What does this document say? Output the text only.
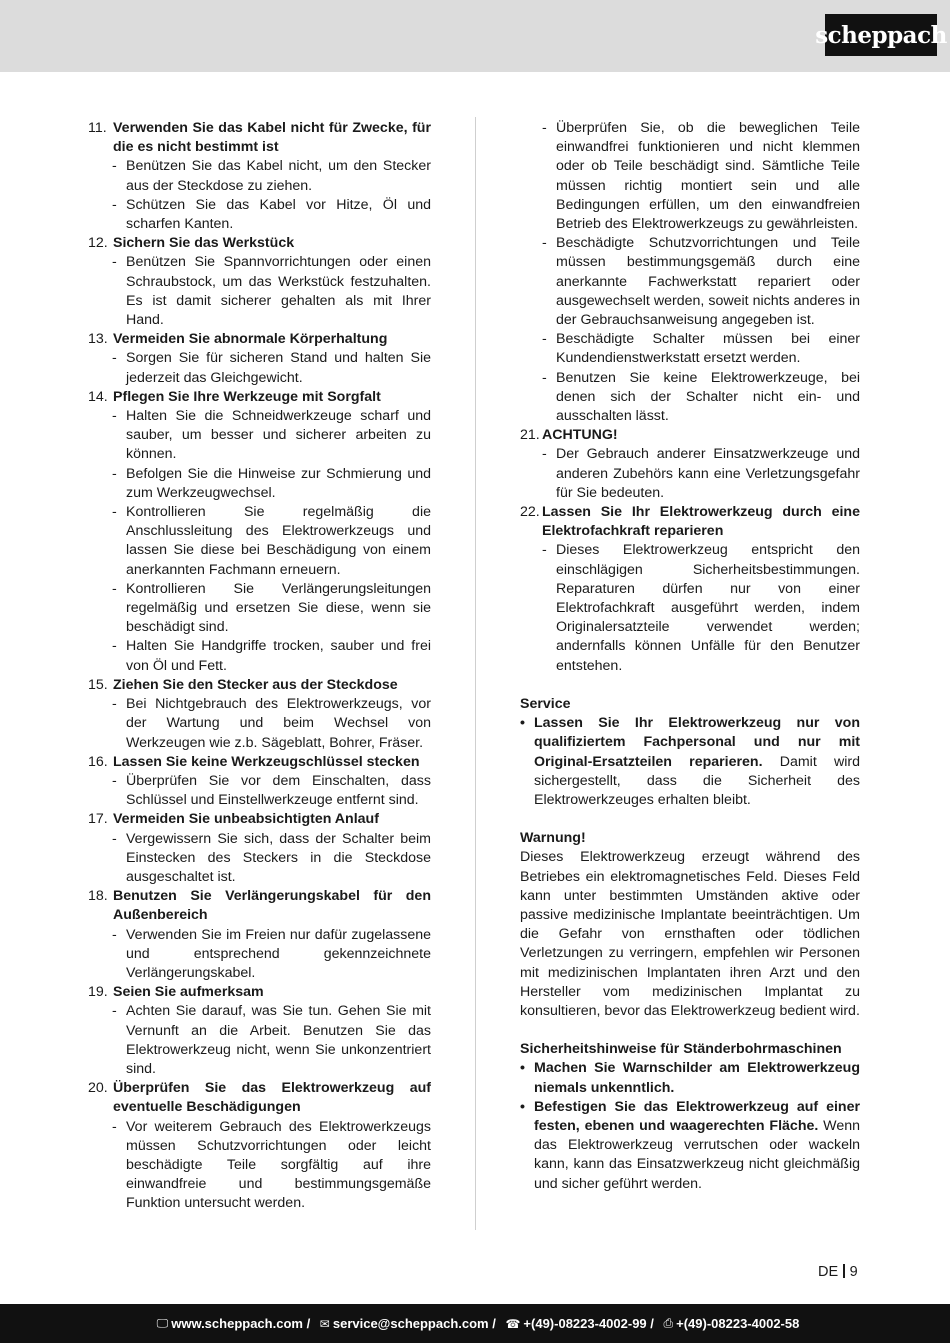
scheppach
11. Verwenden Sie das Kabel nicht für Zwecke, für die es nicht bestimmt ist
- Benützen Sie das Kabel nicht, um den Stecker aus der Steckdose zu ziehen.
- Schützen Sie das Kabel vor Hitze, Öl und scharfen Kanten.
12. Sichern Sie das Werkstück
- Benützen Sie Spannvorrichtungen oder einen Schraubstock, um das Werkstück festzuhalten. Es ist damit sicherer gehalten als mit Ihrer Hand.
13. Vermeiden Sie abnormale Körperhaltung
- Sorgen Sie für sicheren Stand und halten Sie jederzeit das Gleichgewicht.
14. Pflegen Sie Ihre Werkzeuge mit Sorgfalt
- Halten Sie die Schneidwerkzeuge scharf und sauber, um besser und sicherer arbeiten zu können.
- Befolgen Sie die Hinweise zur Schmierung und zum Werkzeugwechsel.
- Kontrollieren Sie regelmäßig die Anschlussleitung des Elektrowerkzeugs und lassen Sie diese bei Beschädigung von einem anerkannten Fachmann erneuern.
- Kontrollieren Sie Verlängerungsleitungen regelmäßig und ersetzen Sie diese, wenn sie beschädigt sind.
- Halten Sie Handgriffe trocken, sauber und frei von Öl und Fett.
15. Ziehen Sie den Stecker aus der Steckdose
- Bei Nichtgebrauch des Elektrowerkzeugs, vor der Wartung und beim Wechsel von Werkzeugen wie z.b. Sägeblatt, Bohrer, Fräser.
16. Lassen Sie keine Werkzeugschlüssel stecken
- Überprüfen Sie vor dem Einschalten, dass Schlüssel und Einstellwerkzeuge entfernt sind.
17. Vermeiden Sie unbeabsichtigten Anlauf
- Vergewissern Sie sich, dass der Schalter beim Einstecken des Steckers in die Steckdose ausgeschaltet ist.
18. Benutzen Sie Verlängerungskabel für den Außenbereich
- Verwenden Sie im Freien nur dafür zugelassene und entsprechend gekennzeichnete Verlängerungskabel.
19. Seien Sie aufmerksam
- Achten Sie darauf, was Sie tun. Gehen Sie mit Vernunft an die Arbeit. Benutzen Sie das Elektrowerkzeug nicht, wenn Sie unkonzentriert sind.
20. Überprüfen Sie das Elektrowerkzeug auf eventuelle Beschädigungen
- Vor weiterem Gebrauch des Elektrowerkzeugs müssen Schutzvorrichtungen oder leicht beschädigte Teile sorgfältig auf ihre einwandfreie und bestimmungsgemäße Funktion untersucht werden.
- Überprüfen Sie, ob die beweglichen Teile einwandfrei funktionieren und nicht klemmen oder ob Teile beschädigt sind. Sämtliche Teile müssen richtig montiert sein und alle Bedingungen erfüllen, um den einwandfreien Betrieb des Elektrowerkzeugs zu gewährleisten.
- Beschädigte Schutzvorrichtungen und Teile müssen bestimmungsgemäß durch eine anerkannte Fachwerkstatt repariert oder ausgewechselt werden, soweit nichts anderes in der Gebrauchsanweisung angegeben ist.
- Beschädigte Schalter müssen bei einer Kundendienstwerkstatt ersetzt werden.
- Benutzen Sie keine Elektrowerkzeuge, bei denen sich der Schalter nicht ein- und ausschalten lässt.
21. ACHTUNG!
- Der Gebrauch anderer Einsatzwerkzeuge und anderen Zubehörs kann eine Verletzungsgefahr für Sie bedeuten.
22. Lassen Sie Ihr Elektrowerkzeug durch eine Elektrofachkraft reparieren
- Dieses Elektrowerkzeug entspricht den einschlägigen Sicherheitsbestimmungen. Reparaturen dürfen nur von einer Elektrofachkraft ausgeführt werden, indem Originalersatzteile verwendet werden; andernfalls können Unfälle für den Benutzer entstehen.
Service
• Lassen Sie Ihr Elektrowerkzeug nur von qualifiziertem Fachpersonal und nur mit Original-Ersatzteilen reparieren. Damit wird sichergestellt, dass die Sicherheit des Elektrowerkzeuges erhalten bleibt.
Warnung!
Dieses Elektrowerkzeug erzeugt während des Betriebes ein elektromagnetisches Feld. Dieses Feld kann unter bestimmten Umständen aktive oder passive medizinische Implantate beeinträchtigen. Um die Gefahr von ernsthaften oder tödlichen Verletzungen zu verringern, empfehlen wir Personen mit medizinischen Implantaten ihren Arzt und den Hersteller vom medizinischen Implantat zu konsultieren, bevor das Elektrowerkzeug bedient wird.
Sicherheitshinweise für Ständerbohrmaschinen
• Machen Sie Warnschilder am Elektrowerkzeug niemals unkenntlich.
• Befestigen Sie das Elektrowerkzeug auf einer festen, ebenen und waagerechten Fläche. Wenn das Elektrowerkzeug verrutschen oder wackeln kann, kann das Einsatzwerkzeug nicht gleichmäßig und sicher geführt werden.
DE 9
🖵 www.scheppach.com / ✉ service@scheppach.com / ☎ +(49)-08223-4002-99 / ⎙ +(49)-08223-4002-58
